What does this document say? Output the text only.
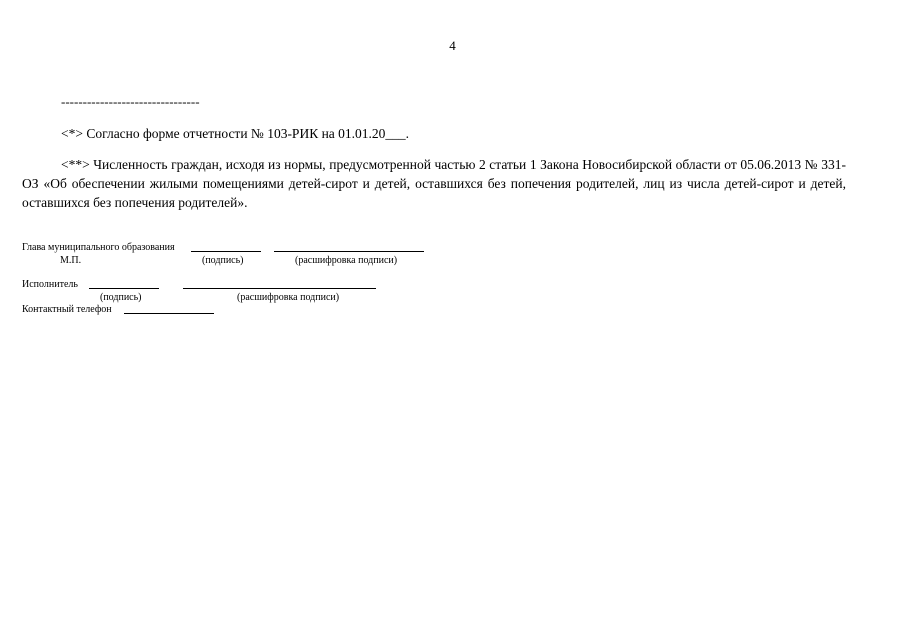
4
--------------------------------

<*> Согласно форме отчетности № 103-РИК на 01.01.20___.

<**> Численность граждан, исходя из нормы, предусмотренной частью 2 статьи 1 Закона Новосибирской области от 05.06.2013 № 331-ОЗ «Об обеспечении жилыми помещениями детей-сирот и детей, оставшихся без попечения родителей, лиц из числа детей-сирот и детей, оставшихся без попечения родителей».

Глава муниципального образования
М.П.	(подпись)	(расшифровка подписи)
Исполнитель
(подпись)	(расшифровка подписи)
Контактный телефон
